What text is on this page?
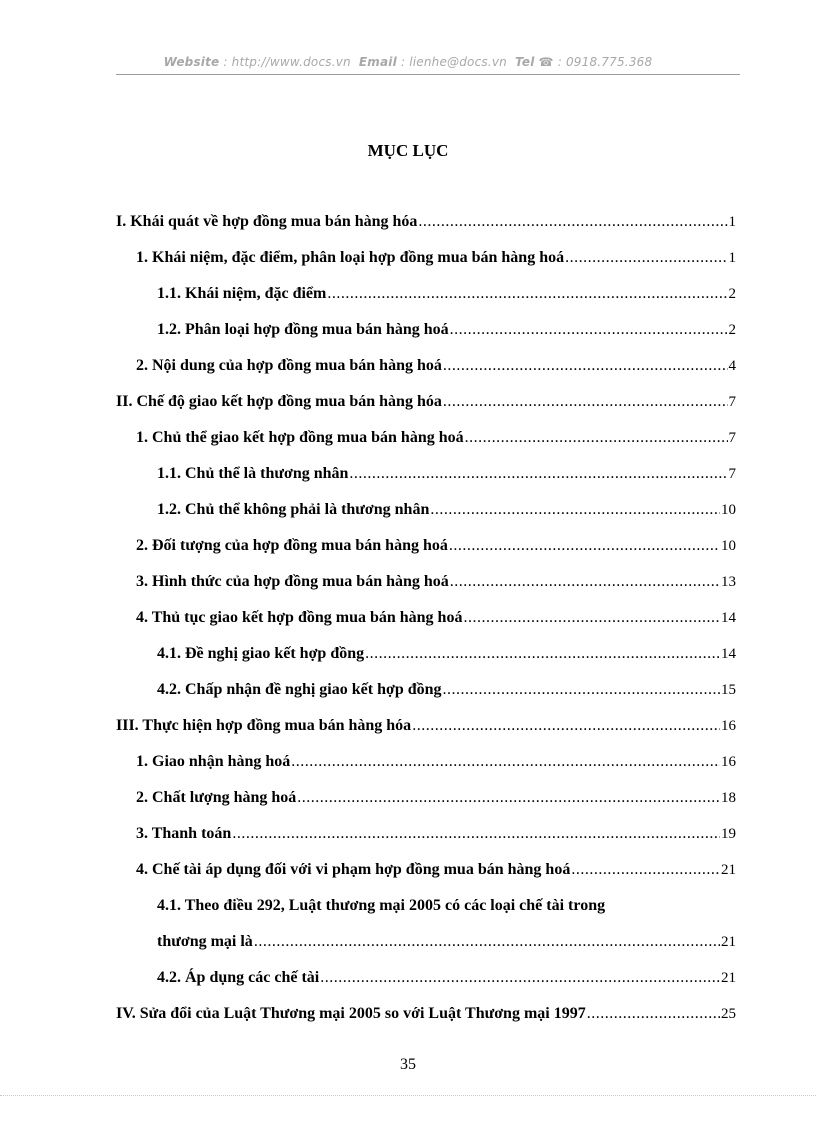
Website : http://www.docs.vn Email : lienhe@docs.vn Tel ☎ : 0918.775.368
MỤC LỤC
I. Khái quát về hợp đồng mua bán hàng hóa .....	1
1. Khái niệm, đặc điểm, phân loại hợp đồng mua bán hàng hoá .....	1
1.1. Khái niệm, đặc điểm .....	2
1.2. Phân loại hợp đồng mua bán hàng hoá .....	2
2. Nội dung của hợp đồng mua bán hàng hoá .....	4
II. Chế độ giao kết hợp đồng mua bán hàng hóa .....	7
1. Chủ thể giao kết hợp đồng mua bán hàng hoá .....	7
1.1. Chủ thể là thương nhân .....	7
1.2. Chủ thể không phải là thương nhân .....	10
2. Đối tượng của hợp đồng mua bán hàng hoá .....	10
3. Hình thức của hợp đồng mua bán hàng hoá .....	13
4. Thủ tục giao kết hợp đồng mua bán hàng hoá .....	14
4.1. Đề nghị giao kết hợp đồng .....	14
4.2. Chấp nhận đề nghị giao kết hợp đồng .....	15
III. Thực hiện hợp đồng mua bán hàng hóa .....	16
1. Giao nhận hàng hoá .....	16
2. Chất lượng hàng hoá .....	18
3. Thanh toán .....	19
4. Chế tài áp dụng đối với vi phạm hợp đồng mua bán hàng hoá .....	21
4.1. Theo điều 292, Luật thương mại 2005 có các loại chế tài trong
thương mại là .....	21
4.2. Áp dụng các chế tài .....	21
IV. Sửa đổi của Luật Thương mại 2005 so với Luật Thương mại 1997 .....	25
35
